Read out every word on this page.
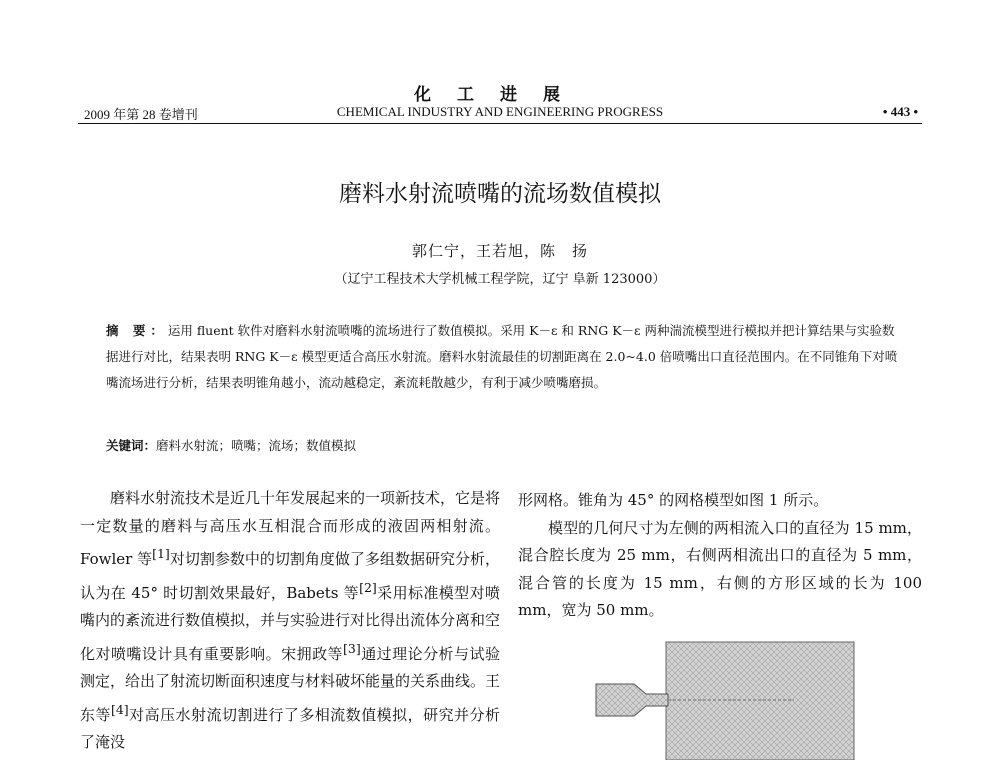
化工进展
2009 年第 28 卷增刊	CHEMICAL INDUSTRY AND ENGINEERING PROGRESS	• 443 •
磨料水射流喷嘴的流场数值模拟
郭仁宁，王若旭，陈　扬
（辽宁工程技术大学机械工程学院，辽宁 阜新 123000）
摘 要：运用 fluent 软件对磨料水射流喷嘴的流场进行了数值模拟。采用 K－ε 和 RNG K－ε 两种湍流模型进行模拟并把计算结果与实验数据进行对比，结果表明 RNG K－ε 模型更适合高压水射流。磨料水射流最佳的切割距离在 2.0~4.0 倍喷嘴出口直径范围内。在不同锥角下对喷嘴流场进行分析，结果表明锥角越小，流动越稳定，紊流耗散越少，有利于减少喷嘴磨损。
关键词：磨料水射流；喷嘴；流场；数值模拟

磨料水射流技术是近几十年发展起来的一项新技术，它是将一定数量的磨料与高压水互相混合而形成的液固两相射流。Fowler 等[1]对切割参数中的切割角度做了多组数据研究分析，认为在 45° 时切割效果最好，Babets 等[2]采用标准模型对喷嘴内的紊流进行数值模拟，并与实验进行对比得出流体分离和空化对喷嘴设计具有重要影响。宋拥政等[3]通过理论分析与试验测定，给出了射流切断面积速度与材料破坏能量的关系曲线。王东等[4]对高压水射流切割进行了多相流数值模拟，研究并分析了淹没

形网格。锥角为 45° 的网格模型如图 1 所示。

模型的几何尺寸为左侧的两相流入口的直径为 15 mm，混合腔长度为 25 mm，右侧两相流出口的直径为 5 mm，混合管的长度为 15 mm，右侧的方形区域的长为 100 mm，宽为 50 mm。
